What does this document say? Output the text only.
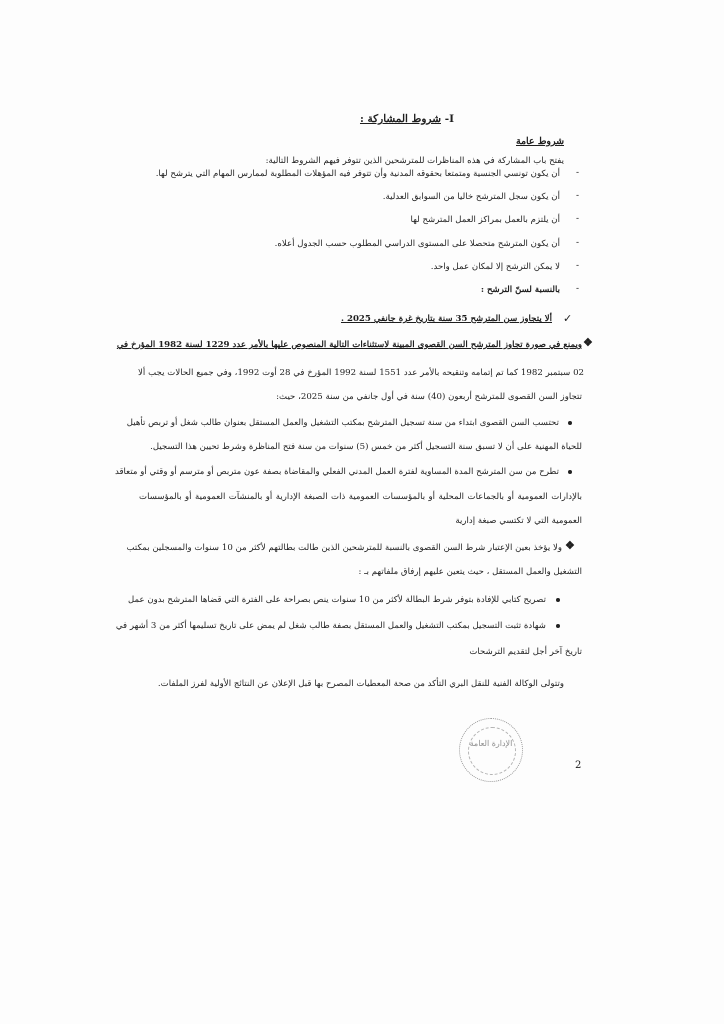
شروط المشاركة : I-
شروط عامة
يفتح باب المشاركة في هذه المناظرات للمترشحين الذين تتوفر فيهم الشروط التالية:
-
أن يكون تونسي الجنسية ومتمتعا بحقوقه المدنية وأن تتوفر فيه المؤهلات المطلوبة لممارس المهام التي يترشح لها.
-
أن يكون سجل المترشح خاليا من السوابق العدلية.
-
أن يلتزم بالعمل بمراكز العمل المترشح لها
-
أن يكون المترشح متحصلا على المستوى الدراسي المطلوب حسب الجدول أعلاه.
-
لا يمكن الترشح إلا لمكان عمل واحد.
-
بالنسبة لسنّ الترشح :
✓
ألا يتجاوز سن المترشح 35 سنة بتاريخ غرة جانفي 2025 .
❖
ويمنع في صورة تجاوز المترشح السن القصوى المبينة لاستثناءات التالية المنصوص عليها بالأمر عدد 1229 لسنة 1982 المؤرخ في
02 سبتمبر 1982 كما تم إتمامه وتنقيحه بالأمر عدد 1551 لسنة 1992 المؤرخ في 28 أوت 1992، وفي جميع الحالات يجب ألا
تتجاوز السن القصوى للمترشح أربعون (40) سنة في أول جانفي من سنة 2025، حيث:
تحتسب السن القصوى ابتداء من سنة تسجيل المترشح بمكتب التشغيل والعمل المستقل بعنوان طالب شغل أو تربص تأهيل
للحياة المهنية على أن لا تسبق سنة التسجيل أكثر من خمس (5) سنوات من سنة فتح المناظرة وشرط تحيين هذا التسجيل.
تطرح من سن المترشح المدة المساوية لفترة العمل المدني الفعلي والمقاضاة بصفة عون متربص أو مترسم أو وقتي أو متعاقد
بالإدارات العمومية أو بالجماعات المحلية أو بالمؤسسات العمومية ذات الصبغة الإدارية أو بالمنشآت العمومية أو بالمؤسسات
العمومية التي لا تكتسي صبغة إدارية
❖
ولا يؤخذ بعين الإعتبار شرط السن القصوى بالنسبة للمترشحين الذين طالت بطالتهم لأكثر من 10 سنوات والمسجلين بمكتب
التشغيل والعمل المستقل ، حيث يتعين عليهم إرفاق ملفاتهم بـ :
تصريح كتابي للإفادة بتوفر شرط البطالة لأكثر من 10 سنوات ينص بصراحة على الفترة التي قضاها المترشح بدون عمل
شهادة تثبت التسجيل بمكتب التشغيل والعمل المستقل بصفة طالب شغل لم يمض على تاريخ تسليمها أكثر من 3 أشهر في
تاريخ آخر أجل لتقديم الترشحات
وتتولى الوكالة الفنية للنقل البري التأكد من صحة المعطيات المصرح بها قبل الإعلان عن النتائج الأولية لفرز الملفات.
الإدارة العامة
2
